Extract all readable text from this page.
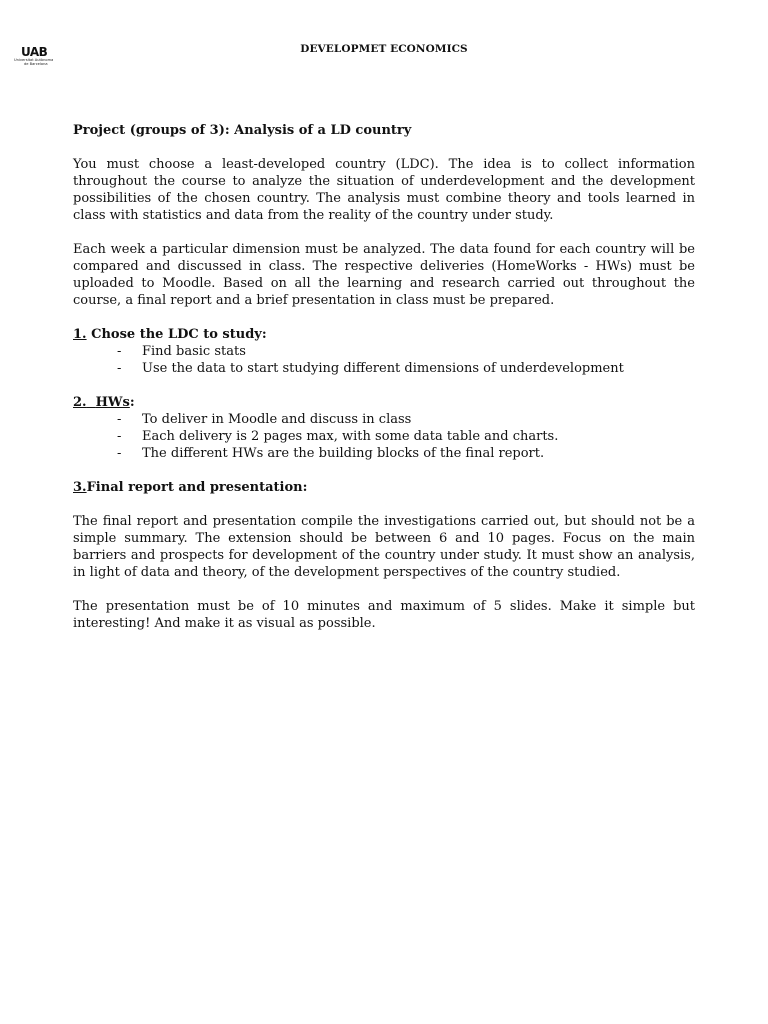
UAB
Universitat Autònoma
de Barcelona
DEVELOPMET ECONOMICS
Project (groups of 3): Analysis of a LD country

You must choose a least-developed country (LDC). The idea is to collect information throughout the course to analyze the situation of underdevelopment and the development possibilities of the chosen country. The analysis must combine theory and tools learned in class with statistics and data from the reality of the country under study.

Each week a particular dimension must be analyzed. The data found for each country will be compared and discussed in class. The respective deliveries (HomeWorks - HWs) must be uploaded to Moodle. Based on all the learning and research carried out throughout the course, a final report and a brief presentation in class must be prepared.

1. Chose the LDC to study:
- Find basic stats
- Use the data to start studying different dimensions of underdevelopment
2. HWs:
- To deliver in Moodle and discuss in class
- Each delivery is 2 pages max, with some data table and charts.
- The different HWs are the building blocks of the final report.
3.Final report and presentation:

The final report and presentation compile the investigations carried out, but should not be a simple summary. The extension should be between 6 and 10 pages. Focus on the main barriers and prospects for development of the country under study. It must show an analysis, in light of data and theory, of the development perspectives of the country studied.

The presentation must be of 10 minutes and maximum of 5 slides. Make it simple but interesting! And make it as visual as possible.
